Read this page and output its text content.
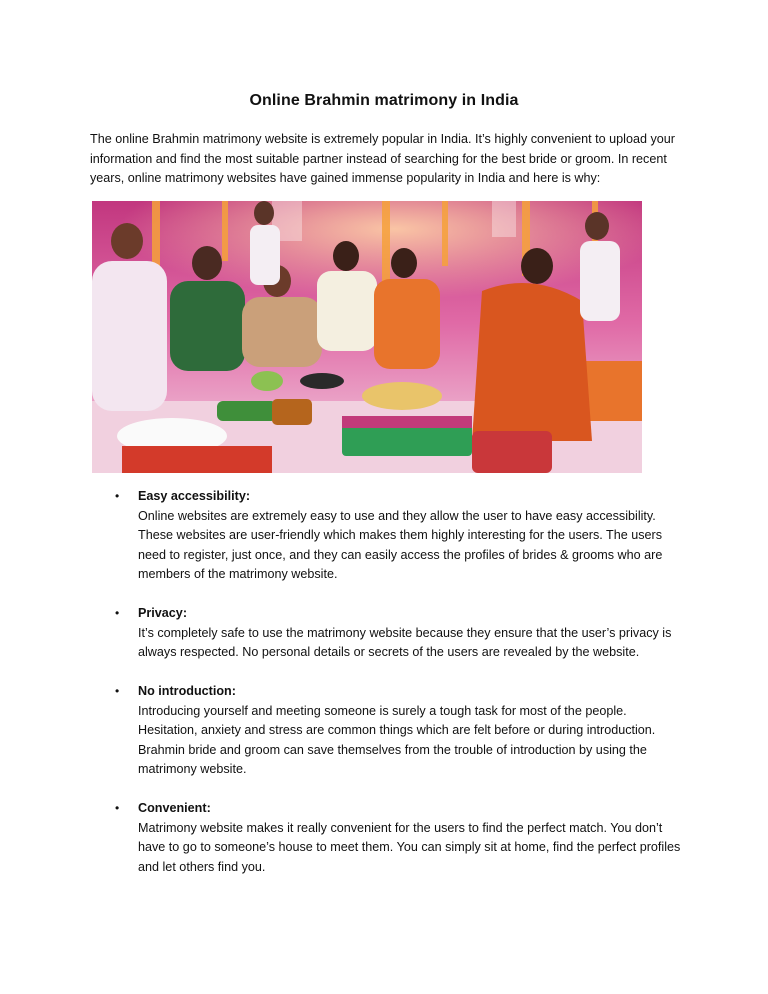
Online Brahmin matrimony in India
The online Brahmin matrimony website is extremely popular in India. It’s highly convenient to upload your information and find the most suitable partner instead of searching for the best bride or groom. In recent years, online matrimony websites have gained immense popularity in India and here is why:
• Easy accessibility:
Online websites are extremely easy to use and they allow the user to have easy accessibility. These websites are user-friendly which makes them highly interesting for the users. The users need to register, just once, and they can easily access the profiles of brides & grooms who are members of the matrimony website.
• Privacy:
It’s completely safe to use the matrimony website because they ensure that the user’s privacy is always respected. No personal details or secrets of the users are revealed by the website.
• No introduction:
Introducing yourself and meeting someone is surely a tough task for most of the people. Hesitation, anxiety and stress are common things which are felt before or during introduction. Brahmin bride and groom can save themselves from the trouble of introduction by using the matrimony website.
• Convenient:
Matrimony website makes it really convenient for the users to find the perfect match. You don’t have to go to someone’s house to meet them. You can simply sit at home, find the perfect profiles and let others find you.
